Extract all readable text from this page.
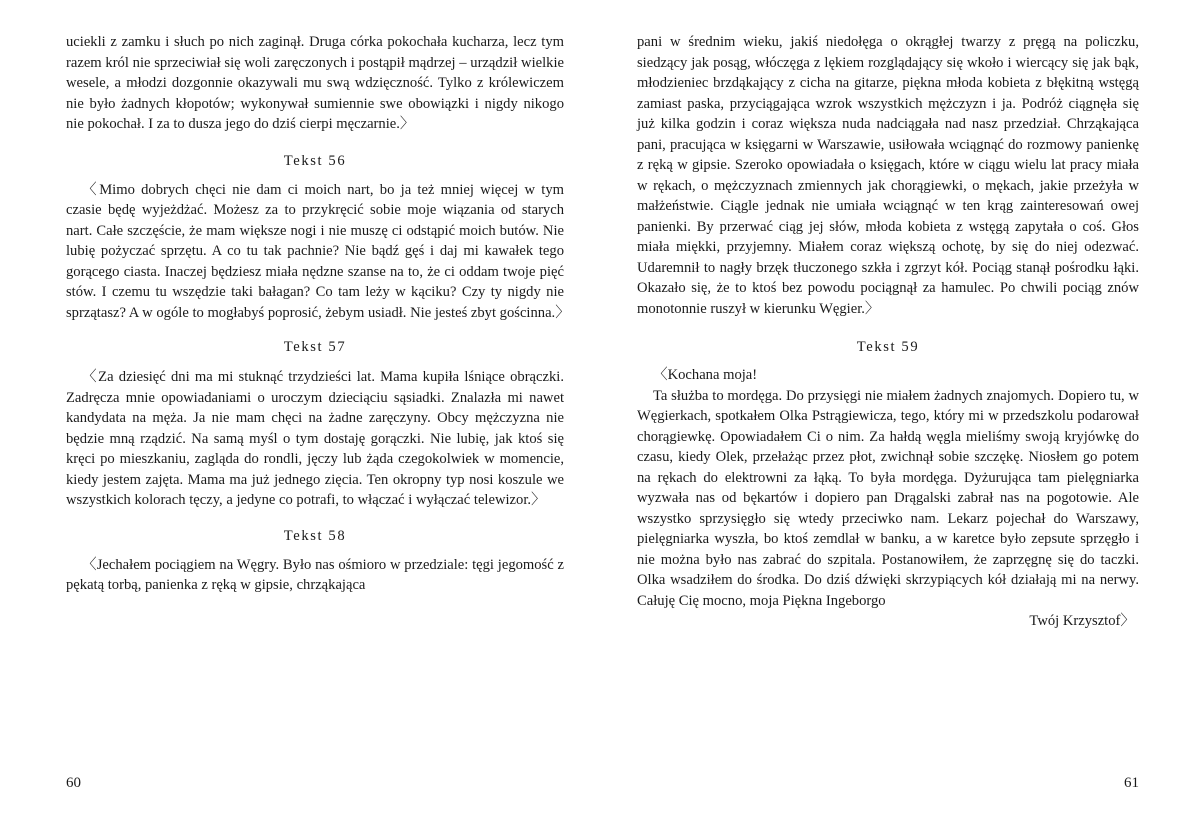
uciekli z zamku i słuch po nich zaginął. Druga córka pokochała kucharza, lecz tym razem król nie sprzeciwiał się woli zaręczonych i postąpił mądrzej – urządził wielkie wesele, a młodzi dozgonnie okazywali mu swą wdzięczność. Tylko z królewiczem nie było żadnych kłopotów; wykonywał sumiennie swe obowiązki i nigdy nikogo nie pokochał. I za to dusza jego do dziś cierpi męczarnie.〉

Tekst 56

〈Mimo dobrych chęci nie dam ci moich nart, bo ja też mniej więcej w tym czasie będę wyjeżdżać. Możesz za to przykręcić sobie moje wiązania od starych nart. Całe szczęście, że mam większe nogi i nie muszę ci odstąpić moich butów. Nie lubię pożyczać sprzętu. A co tu tak pachnie? Nie bądź gęś i daj mi kawałek tego gorącego ciasta. Inaczej będziesz miała nędzne szanse na to, że ci oddam twoje pięć stów. I czemu tu wszędzie taki bałagan? Co tam leży w kąciku? Czy ty nigdy nie sprzątasz? A w ogóle to mogłabyś poprosić, żebym usiadł. Nie jesteś zbyt gościnna.〉

Tekst 57

〈Za dziesięć dni ma mi stuknąć trzydzieści lat. Mama kupiła lśniące obrączki. Zadręcza mnie opowiadaniami o uroczym dzieciąciu sąsiadki. Znalazła mi nawet kandydata na męża. Ja nie mam chęci na żadne zaręczyny. Obcy mężczyzna nie będzie mną rządzić. Na samą myśl o tym dostaję gorączki. Nie lubię, jak ktoś się kręci po mieszkaniu, zagląda do rondli, jęczy lub żąda czegokolwiek w momencie, kiedy jestem zajęta. Mama ma już jednego zięcia. Ten okropny typ nosi koszule we wszystkich kolorach tęczy, a jedyne co potrafi, to włączać i wyłączać telewizor.〉

Tekst 58

〈Jechałem pociągiem na Węgry. Było nas ośmioro w przedziale: tęgi jegomość z pękatą torbą, panienka z ręką w gipsie, chrząkająca

60

pani w średnim wieku, jakiś niedołęga o okrągłej twarzy z pręgą na policzku, siedzący jak posąg, włóczęga z lękiem rozglądający się wkoło i wiercący się jak bąk, młodzieniec brzdąkający z cicha na gitarze, piękna młoda kobieta z błękitną wstęgą zamiast paska, przyciągająca wzrok wszystkich mężczyzn i ja. Podróż ciągnęła się już kilka godzin i coraz większa nuda nadciągała nad nasz przedział. Chrząkająca pani, pracująca w księgarni w Warszawie, usiłowała wciągnąć do rozmowy panienkę z ręką w gipsie. Szeroko opowiadała o księgach, które w ciągu wielu lat pracy miała w rękach, o mężczyznach zmiennych jak chorągiewki, o mękach, jakie przeżyła w małżeństwie. Ciągle jednak nie umiała wciągnąć w ten krąg zainteresowań owej panienki. By przerwać ciąg jej słów, młoda kobieta z wstęgą zapytała o coś. Głos miała miękki, przyjemny. Miałem coraz większą ochotę, by się do niej odezwać. Udaremnił to nagły brzęk tłuczonego szkła i zgrzyt kół. Pociąg stanął pośrodku łąki. Okazało się, że to ktoś bez powodu pociągnął za hamulec. Po chwili pociąg znów monotonnie ruszył w kierunku Węgier.〉

Tekst 59

〈Kochana moja!

Ta służba to mordęga. Do przysięgi nie miałem żadnych znajomych. Dopiero tu, w Węgierkach, spotkałem Olka Pstrągiewicza, tego, który mi w przedszkolu podarował chorągiewkę. Opowiadałem Ci o nim. Za hałdą węgla mieliśmy swoją kryjówkę do czasu, kiedy Olek, przełażąc przez płot, zwichnął sobie szczękę. Niosłem go potem na rękach do elektrowni za łąką. To była mordęga. Dyżurująca tam pielęgniarka wyzwała nas od bękartów i dopiero pan Drągalski zabrał nas na pogotowie. Ale wszystko sprzysięgło się wtedy przeciwko nam. Lekarz pojechał do Warszawy, pielęgniarka wyszła, bo ktoś zemdlał w banku, a w karetce było zepsute sprzęgło i nie można było nas zabrać do szpitala. Postanowiłem, że zaprzęgnę się do taczki. Olka wsadziłem do środka. Do dziś dźwięki skrzypiących kół działają mi na nerwy. Całuję Cię mocno, moja Piękna Ingeborgo

Twój Krzysztof〉

61
